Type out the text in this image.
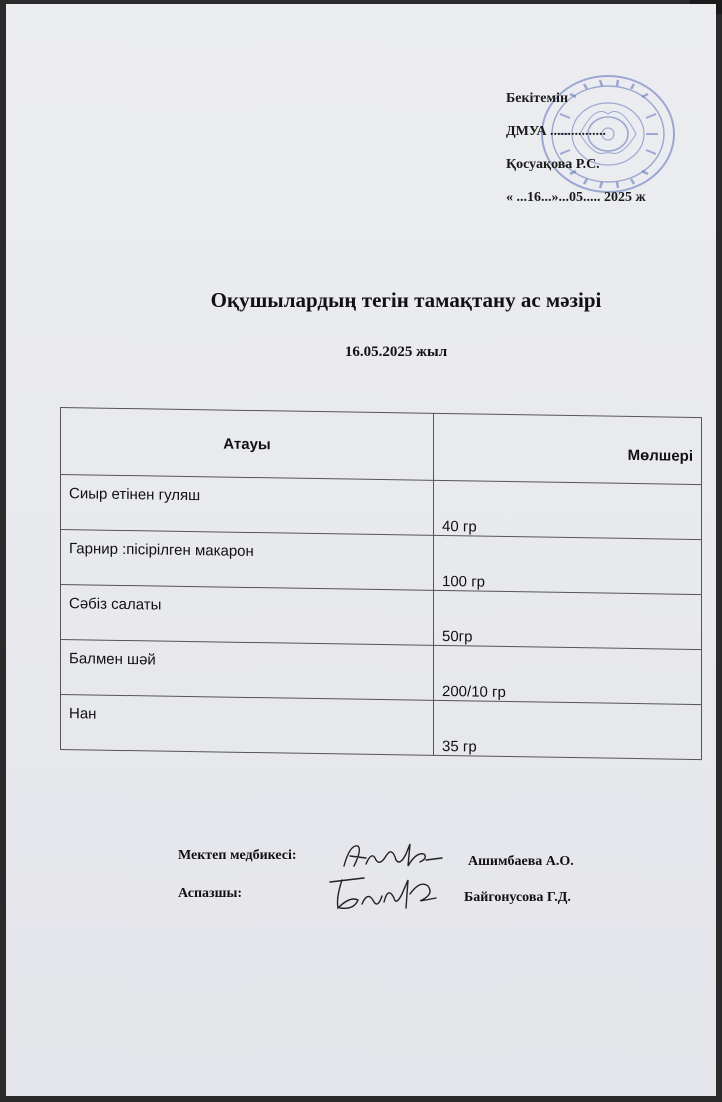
Бекітемін
ДМУА ................
Қосуақова Р.С.
« ...16...»...05..... 2025 ж
Оқушылардың тегін тамақтану ас мәзірі
16.05.2025 жыл
Атауы	Мөлшері
Сиыр етінен гуляш	40 гр
Гарнир :пісірілген макарон	100 гр
Сәбіз салаты	50гр
Балмен шәй	200/10 гр
Нан	35 гр
Мектеп медбикесі:	Ашимбаева А.О.
Аспазшы:	Байгонусова Г.Д.
